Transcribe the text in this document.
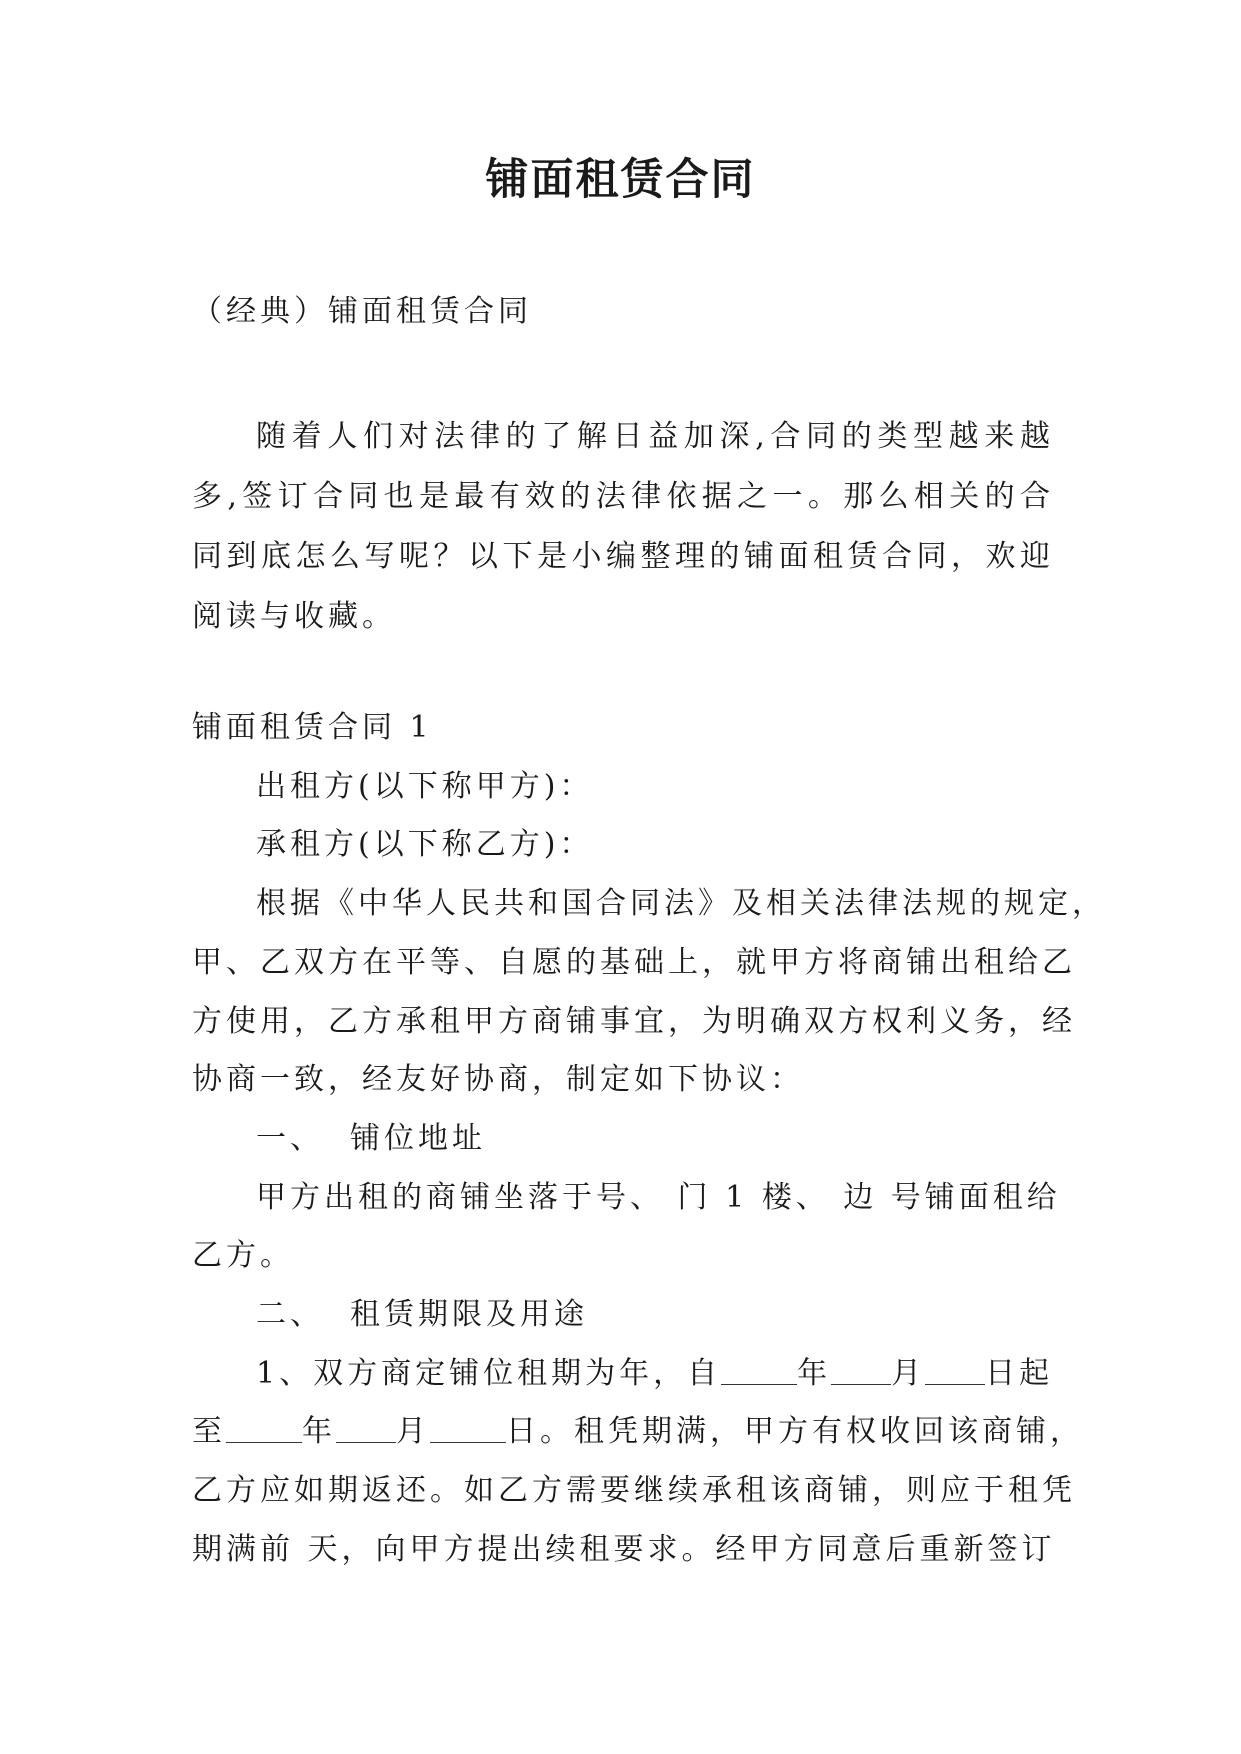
铺面租赁合同

（经典）铺面租赁合同

随着人们对法律的了解日益加深,合同的类型越来越多,签订合同也是最有效的法律依据之一。那么相关的合同到底怎么写呢？以下是小编整理的铺面租赁合同，欢迎阅读与收藏。

铺面租赁合同 1
出租方(以下称甲方)：
承租方(以下称乙方)：
根据《中华人民共和国合同法》及相关法律法规的规定，
甲、乙双方在平等、自愿的基础上，就甲方将商铺出租给乙
方使用，乙方承租甲方商铺事宜，为明确双方权利义务，经
协商一致，经友好协商，制定如下协议：
一、 铺位地址
甲方出租的商铺坐落于号、 门 1 楼、 边 号铺面租给
乙方。
二、 租赁期限及用途
1、双方商定铺位租期为年，自	年 月 日起
至	年 月	日。租凭期满，甲方有权收回该商铺，
乙方应如期返还。如乙方需要继续承租该商铺，则应于租凭
期满前 天，向甲方提出续租要求。经甲方同意后重新签订
